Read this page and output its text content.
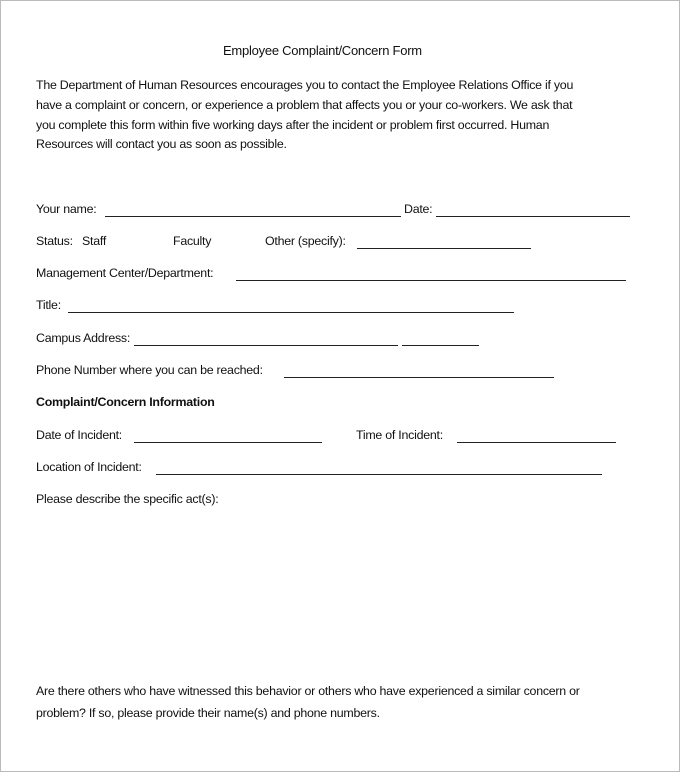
Employee Complaint/Concern Form
The Department of Human Resources encourages you to contact the Employee Relations Office if you
have a complaint or concern, or experience a problem that affects you or your co-workers. We ask that
you complete this form within five working days after the incident or problem first occurred. Human
Resources will contact you as soon as possible.
Your name:	Date:
Status: Staff	Faculty	Other (specify):
Management Center/Department:
Title:
Campus Address:
Phone Number where you can be reached:
Complaint/Concern Information
Date of Incident:	Time of Incident:
Location of Incident:
Please describe the specific act(s):
Are there others who have witnessed this behavior or others who have experienced a similar concern or
problem? If so, please provide their name(s) and phone numbers.
